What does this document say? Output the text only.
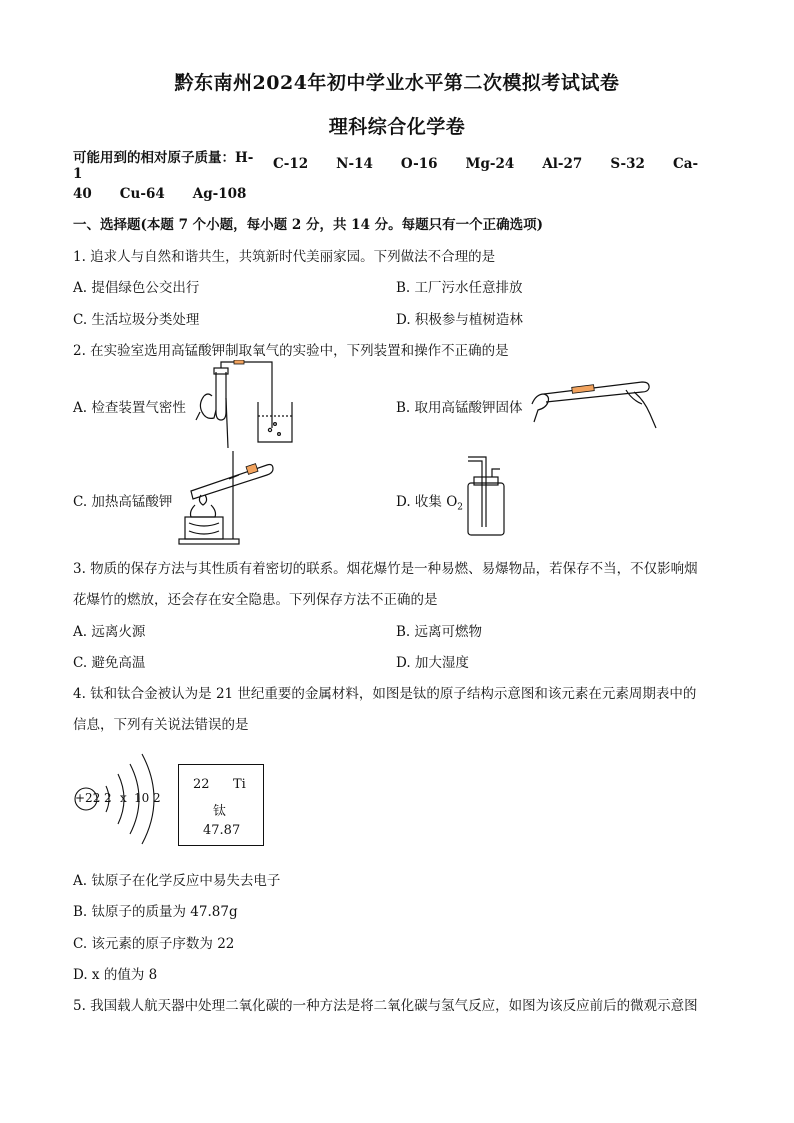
黔东南州2024年初中学业水平第二次模拟考试试卷
理科综合化学卷
可能用到的相对原子质量：H-1
C-12 N-14 O-16 Mg-24 Al-27 S-32 Ca-
40 Cu-64 Ag-108
一、选择题(本题 7 个小题，每小题 2 分，共 14 分。每题只有一个正确选项)
1. 追求人与自然和谐共生，共筑新时代美丽家园。下列做法不合理的是
A. 提倡绿色公交出行	B. 工厂污水任意排放
C. 生活垃圾分类处理	D. 积极参与植树造林
2. 在实验室选用高锰酸钾制取氧气的实验中，下列装置和操作不正确的是
A. 检查装置气密性	B. 取用高锰酸钾固体
C. 加热高锰酸钾	D. 收集 $O_2$
3. 物质的保存方法与其性质有着密切的联系。烟花爆竹是一种易燃、易爆物品，若保存不当，不仅影响烟
花爆竹的燃放，还会存在安全隐患。下列保存方法不正确的是
A. 远离火源	B. 远离可燃物
C. 避免高温	D. 加大湿度
4. 钛和钛合金被认为是 21 世纪重要的金属材料，如图是钛的原子结构示意图和该元素在元素周期表中的
信息，下列有关说法错误的是
+22 2 x 10 2
22 Ti
钛
47.87
A. 钛原子在化学反应中易失去电子
B. 钛原子的质量为 47.87g
C. 该元素的原子序数为 22
D. x 的值为 8
5. 我国载人航天器中处理二氧化碳的一种方法是将二氧化碳与氢气反应，如图为该反应前后的微观示意图
